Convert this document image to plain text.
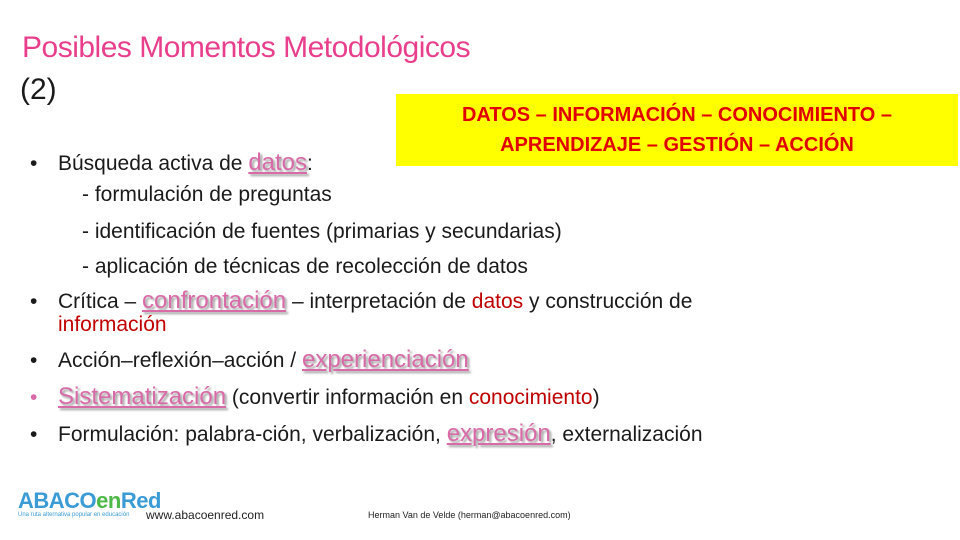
Posibles Momentos Metodológicos
(2)
DATOS – INFORMACIÓN – CONOCIMIENTO –
APRENDIZAJE – GESTIÓN – ACCIÓN
• Búsqueda activa de datos:
- formulación de preguntas
- identificación de fuentes (primarias y secundarias)
- aplicación de técnicas de recolección de datos
• Crítica – confrontación – interpretación de datos y construcción de
información
• Acción–reflexión–acción / experienciación
• Sistematización (convertir información en conocimiento)
• Formulación: palabra-ción, verbalización, expresión, externalización
ABACOenRed
Una ruta alternativa popular en educación	www.abacoenred.com	Herman Van de Velde (herman@abacoenred.com)
